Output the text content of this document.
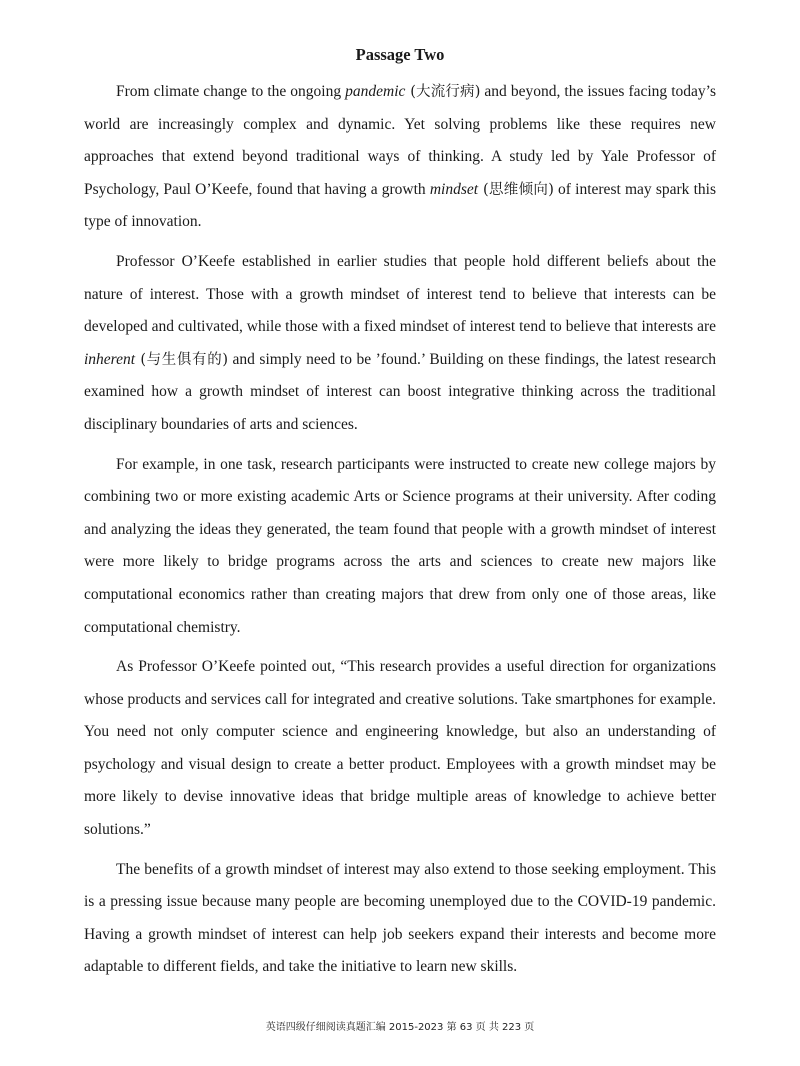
Passage Two

From climate change to the ongoing pandemic (大流行病) and beyond, the issues facing today’s world are increasingly complex and dynamic. Yet solving problems like these requires new approaches that extend beyond traditional ways of thinking. A study led by Yale Professor of Psychology, Paul O’Keefe, found that having a growth mindset (思维倾向) of interest may spark this type of innovation.

Professor O’Keefe established in earlier studies that people hold different beliefs about the nature of interest. Those with a growth mindset of interest tend to believe that interests can be developed and cultivated, while those with a fixed mindset of interest tend to believe that interests are inherent (与生俱有的) and simply need to be ’found.’ Building on these findings, the latest research examined how a growth mindset of interest can boost integrative thinking across the traditional disciplinary boundaries of arts and sciences.

For example, in one task, research participants were instructed to create new college majors by combining two or more existing academic Arts or Science programs at their university. After coding and analyzing the ideas they generated, the team found that people with a growth mindset of interest were more likely to bridge programs across the arts and sciences to create new majors like computational economics rather than creating majors that drew from only one of those areas, like computational chemistry.

As Professor O’Keefe pointed out, “This research provides a useful direction for organizations whose products and services call for integrated and creative solutions. Take smartphones for example. You need not only computer science and engineering knowledge, but also an understanding of psychology and visual design to create a better product. Employees with a growth mindset may be more likely to devise innovative ideas that bridge multiple areas of knowledge to achieve better solutions.”

The benefits of a growth mindset of interest may also extend to those seeking employment. This is a pressing issue because many people are becoming unemployed due to the COVID-19 pandemic. Having a growth mindset of interest can help job seekers expand their interests and become more adaptable to different fields, and take the initiative to learn new skills.

英语四级仔细阅读真题汇编 2015-2023 第 63 页 共 223 页
